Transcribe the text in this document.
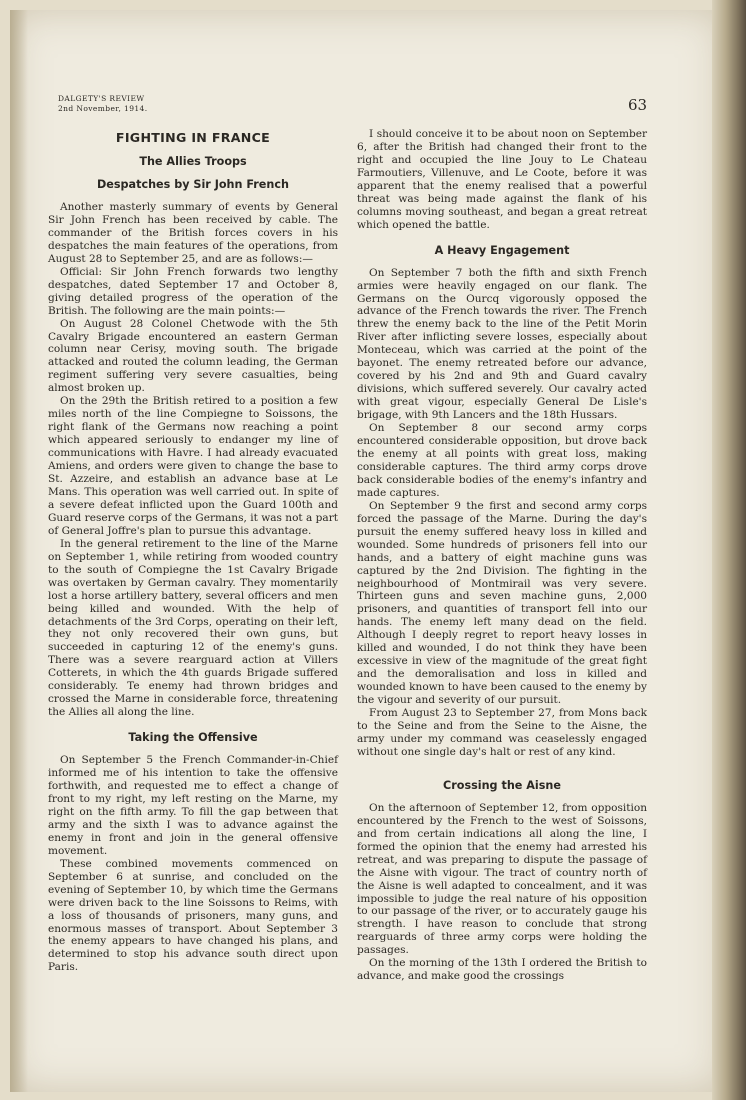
DALGETY'S REVIEW
2nd November, 1914.	63
FIGHTING IN FRANCE
The Allies Troops
Despatches by Sir John French

Another masterly summary of events by General Sir John French has been received by cable. The commander of the British forces covers in his despatches the main features of the operations, from August 28 to September 25, and are as follows:—

Official: Sir John French forwards two lengthy despatches, dated September 17 and October 8, giving detailed progress of the operation of the British. The following are the main points:—

On August 28 Colonel Chetwode with the 5th Cavalry Brigade encountered an eastern German column near Cerisy, moving south. The brigade attacked and routed the column leading, the German regiment suffering very severe casualties, being almost broken up.

On the 29th the British retired to a position a few miles north of the line Compiegne to Soissons, the right flank of the Germans now reaching a point which appeared seriously to endanger my line of communications with Havre. I had already evacuated Amiens, and orders were given to change the base to St. Azzeire, and establish an advance base at Le Mans. This operation was well carried out. In spite of a severe defeat inflicted upon the Guard 100th and Guard reserve corps of the Germans, it was not a part of General Joffre's plan to pursue this advantage.

In the general retirement to the line of the Marne on September 1, while retiring from wooded country to the south of Compiegne the 1st Cavalry Brigade was overtaken by German cavalry. They momentarily lost a horse artillery battery, several officers and men being killed and wounded. With the help of detachments of the 3rd Corps, operating on their left, they not only recovered their own guns, but succeeded in capturing 12 of the enemy's guns. There was a severe rearguard action at Villers Cotterets, in which the 4th guards Brigade suffered considerably. Te enemy had thrown bridges and crossed the Marne in considerable force, threatening the Allies all along the line.

Taking the Offensive

On September 5 the French Commander-in-Chief informed me of his intention to take the offensive forthwith, and requested me to effect a change of front to my right, my left resting on the Marne, my right on the fifth army. To fill the gap between that army and the sixth I was to advance against the enemy in front and join in the general offensive movement.

These combined movements commenced on September 6 at sunrise, and concluded on the evening of September 10, by which time the Germans were driven back to the line Soissons to Reims, with a loss of thousands of prisoners, many guns, and enormous masses of transport. About September 3 the enemy appears to have changed his plans, and determined to stop his advance south direct upon Paris.

I should conceive it to be about noon on September 6, after the British had changed their front to the right and occupied the line Jouy to Le Chateau Farmoutiers, Villenuve, and Le Coote, before it was apparent that the enemy realised that a powerful threat was being made against the flank of his columns moving southeast, and began a great retreat which opened the battle.

A Heavy Engagement

On September 7 both the fifth and sixth French armies were heavily engaged on our flank. The Germans on the Ourcq vigorously opposed the advance of the French towards the river. The French threw the enemy back to the line of the Petit Morin River after inflicting severe losses, especially about Monteceau, which was carried at the point of the bayonet. The enemy retreated before our advance, covered by his 2nd and 9th and Guard cavalry divisions, which suffered severely. Our cavalry acted with great vigour, especially General De Lisle's brigage, with 9th Lancers and the 18th Hussars.

On September 8 our second army corps encountered considerable opposition, but drove back the enemy at all points with great loss, making considerable captures. The third army corps drove back considerable bodies of the enemy's infantry and made captures.

On September 9 the first and second army corps forced the passage of the Marne. During the day's pursuit the enemy suffered heavy loss in killed and wounded. Some hundreds of prisoners fell into our hands, and a battery of eight machine guns was captured by the 2nd Division. The fighting in the neighbourhood of Montmirail was very severe. Thirteen guns and seven machine guns, 2,000 prisoners, and quantities of transport fell into our hands. The enemy left many dead on the field. Although I deeply regret to report heavy losses in killed and wounded, I do not think they have been excessive in view of the magnitude of the great fight and the demoralisation and loss in killed and wounded known to have been caused to the enemy by the vigour and severity of our pursuit.

From August 23 to September 27, from Mons back to the Seine and from the Seine to the Aisne, the army under my command was ceaselessly engaged without one single day's halt or rest of any kind.

Crossing the Aisne

On the afternoon of September 12, from opposition encountered by the French to the west of Soissons, and from certain indications all along the line, I formed the opinion that the enemy had arrested his retreat, and was preparing to dispute the passage of the Aisne with vigour. The tract of country north of the Aisne is well adapted to concealment, and it was impossible to judge the real nature of his opposition to our passage of the river, or to accurately gauge his strength. I have reason to conclude that strong rearguards of three army corps were holding the passages.

On the morning of the 13th I ordered the British to advance, and make good the crossings
